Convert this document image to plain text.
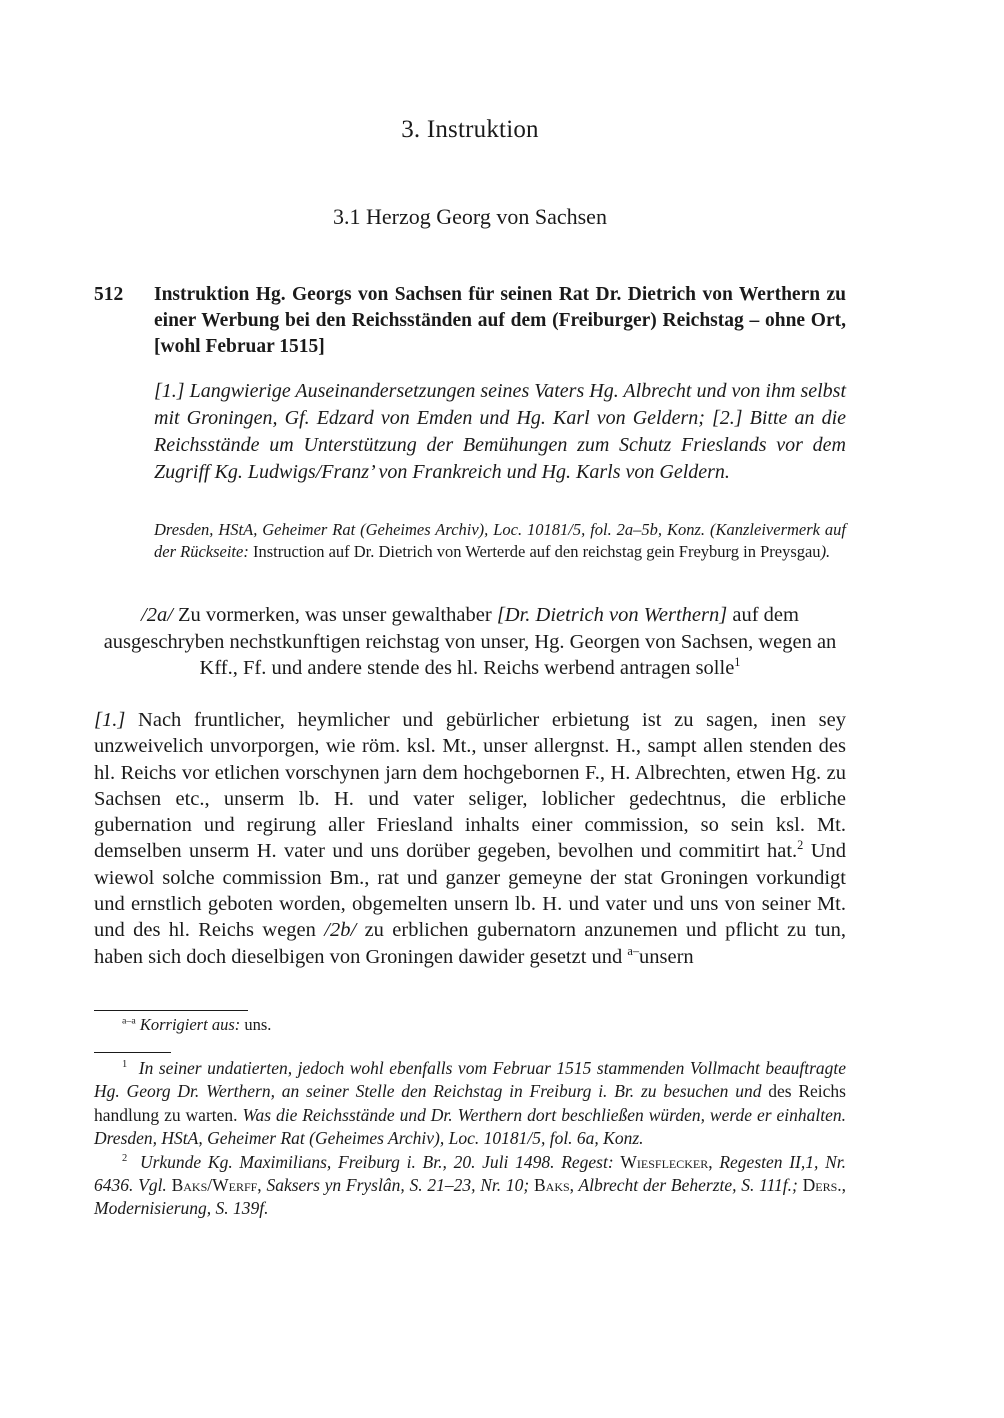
3. Instruktion
3.1 Herzog Georg von Sachsen
512 Instruktion Hg. Georgs von Sachsen für seinen Rat Dr. Dietrich von Werthern zu einer Werbung bei den Reichsständen auf dem (Freiburger) Reichstag – ohne Ort, [wohl Februar 1515]
[1.] Langwierige Auseinandersetzungen seines Vaters Hg. Albrecht und von ihm selbst mit Groningen, Gf. Edzard von Emden und Hg. Karl von Geldern; [2.] Bitte an die Reichsstände um Unterstützung der Bemühungen zum Schutz Frieslands vor dem Zugriff Kg. Ludwigs/Franz’ von Frankreich und Hg. Karls von Geldern.
Dresden, HStA, Geheimer Rat (Geheimes Archiv), Loc. 10181/5, fol. 2a–5b, Konz. (Kanzleivermerk auf der Rückseite: Instruction auf Dr. Dietrich von Werterde auf den reichstag gein Freyburg in Preysgau).
/2a/ Zu vormerken, was unser gewalthaber [Dr. Dietrich von Werthern] auf dem ausgeschryben nechstkunftigen reichstag von unser, Hg. Georgen von Sachsen, wegen an Kff., Ff. und andere stende des hl. Reichs werbend antragen solle$^1$
[1.] Nach fruntlicher, heymlicher und gebürlicher erbietung ist zu sagen, inen sey unzweivelich unvorporgen, wie röm. ksl. Mt., unser allergnst. H., sampt allen stenden des hl. Reichs vor etlichen vorschynen jarn dem hochgebornen F., H. Albrechten, etwen Hg. zu Sachsen etc., unserm lb. H. und vater seliger, loblicher gedechtnus, die erbliche gubernation und regirung aller Friesland inhalts einer commission, so sein ksl. Mt. demselben unserm H. vater und uns dorüber gegeben, bevolhen und commitirt hat.$^2$ Und wiewol solche commission Bm., rat und ganzer gemeyne der stat Groningen vorkundigt und ernstlich geboten worden, obgemelten unsern lb. H. und vater und uns von seiner Mt. und des hl. Reichs wegen /2b/ zu erblichen gubernatorn anzunemen und pflicht zu tun, haben sich doch dieselbigen von Groningen dawider gesetzt und $^{a-}$unsern
$^{a-a}$ Korrigiert aus: uns.

$^1$ In seiner undatierten, jedoch wohl ebenfalls vom Februar 1515 stammenden Vollmacht beauftragte Hg. Georg Dr. Werthern, an seiner Stelle den Reichstag in Freiburg i. Br. zu besuchen und des Reichs handlung zu warten. Was die Reichsstände und Dr. Werthern dort beschließen würden, werde er einhalten. Dresden, HStA, Geheimer Rat (Geheimes Archiv), Loc. 10181/5, fol. 6a, Konz.

$^2$ Urkunde Kg. Maximilians, Freiburg i. Br., 20. Juli 1498. Regest: Wiesflecker, Regesten II,1, Nr. 6436. Vgl. Baks/Werff, Saksers yn Fryslân, S. 21–23, Nr. 10; Baks, Albrecht der Beherzte, S. 111f.; Ders., Modernisierung, S. 139f.
